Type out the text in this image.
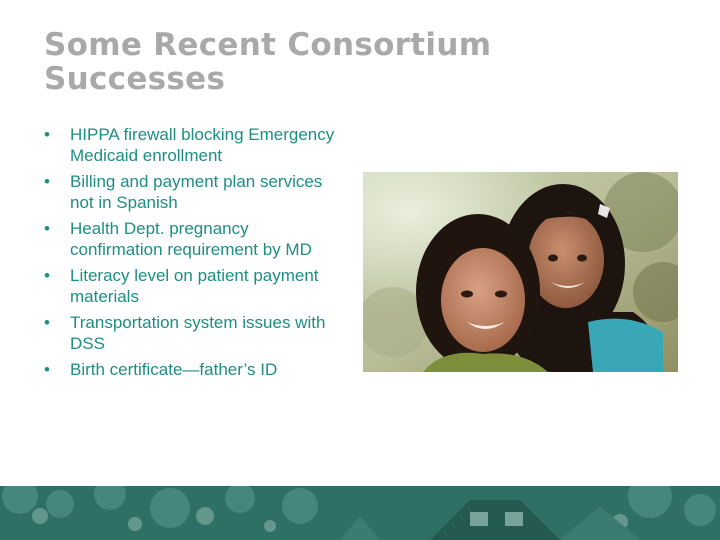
Some Recent Consortium Successes
• HIPPA firewall blocking Emergency Medicaid enrollment
• Billing and payment plan services not in Spanish
• Health Dept. pregnancy confirmation requirement by MD
• Literacy level on patient payment materials
• Transportation system issues with DSS
• Birth certificate—father’s ID
